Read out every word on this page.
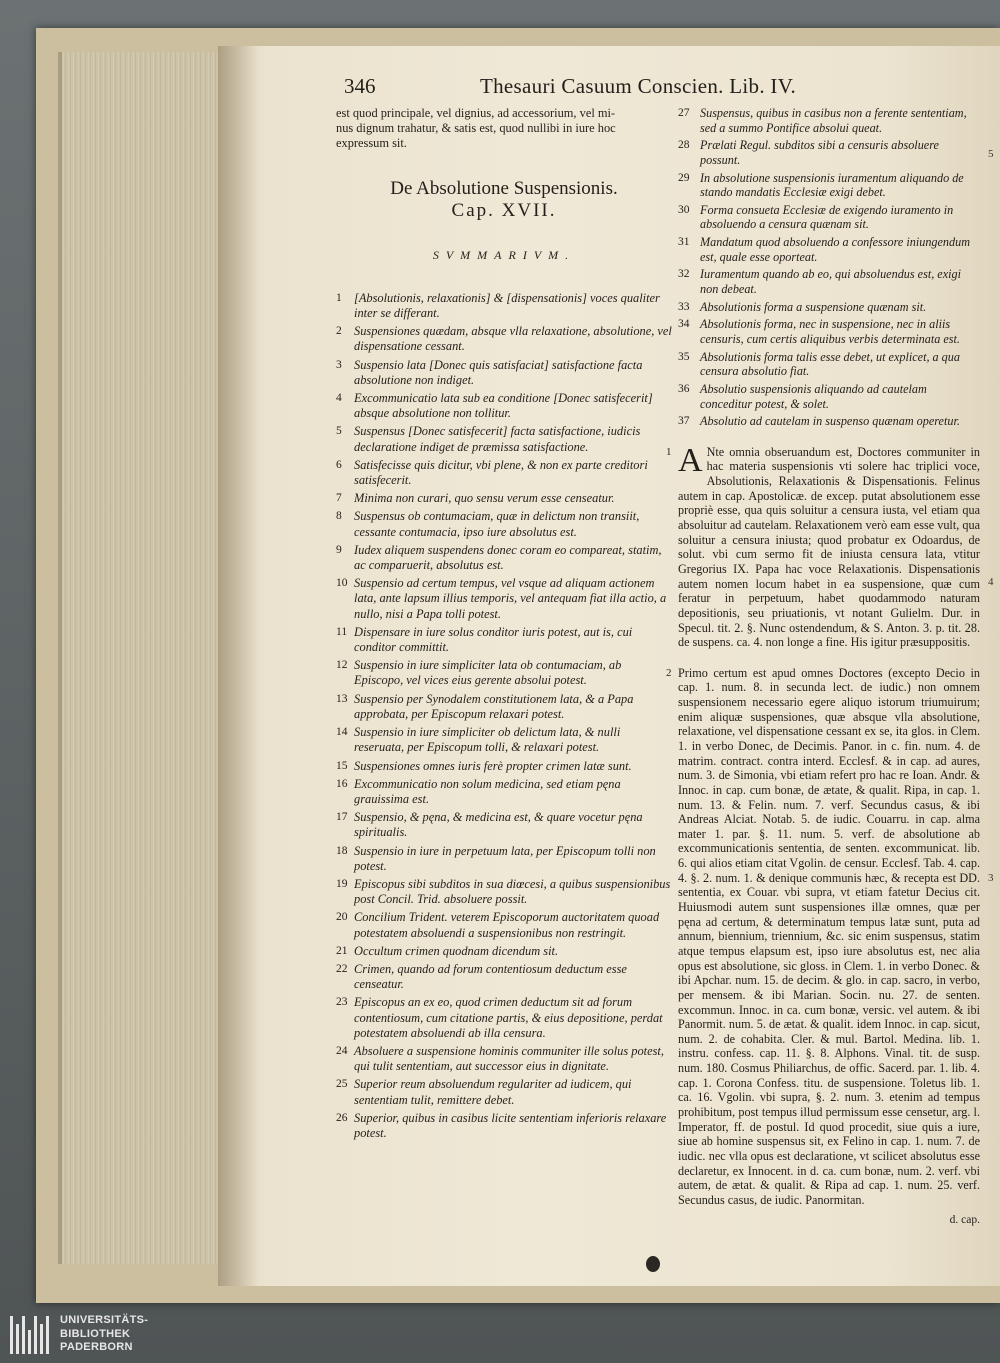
346	Thesauri Casuum Conscien. Lib. IV.
est quod principale, vel dignius, ad accessorium, vel mi-
nus dignum trahatur, & satis est, quod nullibi in iure hoc
expressum sit.
De Absolutione Suspensionis.
Cap. XVII.
SVMMARIVM.
1 [Absolutionis, relaxationis] & [dispensationis] voces qualiter inter se differant.
2 Suspensiones quædam, absque vlla relaxatione, absolutione, vel dispensatione cessant.
3 Suspensio lata [Donec quis satisfaciat] satisfactione facta absolutione non indiget.
4 Excommunicatio lata sub ea conditione [Donec satisfecerit] absque absolutione non tollitur.
5 Suspensus [Donec satisfecerit] facta satisfactione, iudicis declaratione indiget de præmissa satisfactione.
6 Satisfecisse quis dicitur, vbi plene, & non ex parte creditori satisfecerit.
7 Minima non curari, quo sensu verum esse censeatur.
8 Suspensus ob contumaciam, quæ in delictum non transiit, cessante contumacia, ipso iure absolutus est.
9 Iudex aliquem suspendens donec coram eo compareat, statim, ac comparuerit, absolutus est.
10 Suspensio ad certum tempus, vel vsque ad aliquam actionem lata, ante lapsum illius temporis, vel antequam fiat illa actio, a nullo, nisi a Papa tolli potest.
11 Dispensare in iure solus conditor iuris potest, aut is, cui conditor committit.
12 Suspensio in iure simpliciter lata ob contumaciam, ab Episcopo, vel vices eius gerente absolui potest.
13 Suspensio per Synodalem constitutionem lata, & a Papa approbata, per Episcopum relaxari potest.
14 Suspensio in iure simpliciter ob delictum lata, & nulli reseruata, per Episcopum tolli, & relaxari potest.
15 Suspensiones omnes iuris ferè propter crimen latæ sunt.
16 Excommunicatio non solum medicina, sed etiam pęna grauissima est.
17 Suspensio, & pęna, & medicina est, & quare vocetur pęna spiritualis.
18 Suspensio in iure in perpetuum lata, per Episcopum tolli non potest.
19 Episcopus sibi subditos in sua diœcesi, a quibus suspensionibus post Concil. Trid. absoluere possit.
20 Concilium Trident. veterem Episcoporum auctoritatem quoad potestatem absoluendi a suspensionibus non restringit.
21 Occultum crimen quodnam dicendum sit.
22 Crimen, quando ad forum contentiosum deductum esse censeatur.
23 Episcopus an ex eo, quod crimen deductum sit ad forum contentiosum, cum citatione partis, & eius depositione, perdat potestatem absoluendi ab illa censura.
24 Absoluere a suspensione hominis communiter ille solus potest, qui tulit sententiam, aut successor eius in dignitate.
25 Superior reum absoluendum regulariter ad iudicem, qui sententiam tulit, remittere debet.
26 Superior, quibus in casibus licite sententiam inferioris relaxare potest.
27 Suspensus, quibus in casibus non a ferente sententiam, sed a summo Pontifice absolui queat.
28 Prælati Regul. subditos sibi a censuris absoluere possunt.
29 In absolutione suspensionis iuramentum aliquando de stando mandatis Ecclesiæ exigi debet.
30 Forma consueta Ecclesiæ de exigendo iuramento in absoluendo a censura quænam sit.
31 Mandatum quod absoluendo a confessore iniungendum est, quale esse oporteat.
32 Iuramentum quando ab eo, qui absoluendus est, exigi non debeat.
33 Absolutionis forma a suspensione quænam sit.
34 Absolutionis forma, nec in suspensione, nec in aliis censuris, cum certis aliquibus verbis determinata est.
35 Absolutionis forma talis esse debet, ut explicet, a qua censura absolutio fiat.
36 Absolutio suspensionis aliquando ad cautelam conceditur potest, & solet.
37 Absolutio ad cautelam in suspenso quænam operetur.
1 A Nte omnia obseruandum est, Doctores communiter in hac materia suspensionis vti solere hac triplici voce, Absolutionis, Relaxationis & Dispensationis. Felinus autem in cap. Apostolicæ. de excep. putat absolutionem esse propriè esse, qua quis soluitur a censura iusta, vel etiam qua absoluitur ad cautelam. Relaxationem verò eam esse vult, qua soluitur a censura iniusta; quod probatur ex Odoardus, de solut. vbi cum sermo fit de iniusta censura lata, vtitur Gregorius IX. Papa hac voce Relaxationis. Dispensationis autem nomen locum habet in ea suspensione, quæ cum feratur in perpetuum, habet quodammodo naturam depositionis, seu priuationis, vt notant Gulielm. Dur. in Specul. tit. 2. §. Nunc ostendendum, & S. Anton. 3. p. tit. 28. de suspens. ca. 4. non longe a fine. His igitur præsuppositis.

2 Primo certum est apud omnes Doctores (excepto Decio in cap. 1. num. 8. in secunda lect. de iudic.) non omnem suspensionem necessario egere aliquo istorum triumuirum; enim aliquæ suspensiones, quæ absque vlla absolutione, relaxatione, vel dispensatione cessant ex se, ita glos. in Clem. 1. in verbo Donec, de Decimis. Panor. in c. fin. num. 4. de matrim. contract. contra interd. Ecclesf. & in cap. ad aures, num. 3. de Simonia, vbi etiam refert pro hac re Ioan. Andr. & Innoc. in cap. cum bonæ, de ætate, & qualit. Ripa, in cap. 1. num. 13. & Felin. num. 7. verf. Secundus casus, & ibi Andreas Alciat. Notab. 5. de iudic. Couarru. in cap. alma mater 1. par. §. 11. num. 5. verf. de absolutione ab excommunicationis sententia, de senten. excommunicat. lib. 6. qui alios etiam citat Vgolin. de censur. Ecclesf. Tab. 4. cap. 4. §. 2. num. 1. & denique communis hæc, & recepta est DD. sententia, ex Couar. vbi supra, vt etiam fatetur Decius cit. Huiusmodi autem sunt suspensiones illæ omnes, quæ per pęna ad certum, & determinatum tempus latæ sunt, puta ad annum, biennium, triennium, &c. sic enim suspensus, statim atque tempus elapsum est, ipso iure absolutus est, nec alia opus est absolutione, sic gloss. in Clem. 1. in verbo Donec. & ibi Apchar. num. 15. de decim. & glo. in cap. sacro, in verbo, per mensem. & ibi Marian. Socin. nu. 27. de senten. excommun. Innoc. in ca. cum bonæ, versic. vel autem. & ibi Panormit. num. 5. de ætat. & qualit. idem Innoc. in cap. sicut, num. 2. de cohabita. Cler. & mul. Bartol. Medina. lib. 1. instru. confess. cap. 11. §. 8. Alphons. Vinal. tit. de susp. num. 180. Cosmus Philiarchus, de offic. Sacerd. par. 1. lib. 4. cap. 1. Corona Confess. titu. de suspensione. Toletus lib. 1. ca. 16. Vgolin. vbi supra, §. 2. num. 3. etenim ad tempus prohibitum, post tempus illud permissum esse censetur, arg. l. Imperator, ff. de postul. Id quod procedit, siue quis a iure, siue ab homine suspensus sit, ex Felino in cap. 1. num. 7. de iudic. nec vlla opus est declaratione, vt scilicet absolutus esse declaretur, ex Innocent. in d. ca. cum bonæ, num. 2. verf. vbi autem, de ætat. & qualit. & Ripa ad cap. 1. num. 25. verf. Secundus casus, de iudic. Panormitan.

d. cap.
5
4
3
UNIVERSITÄTS-
BIBLIOTHEK
PADERBORN
